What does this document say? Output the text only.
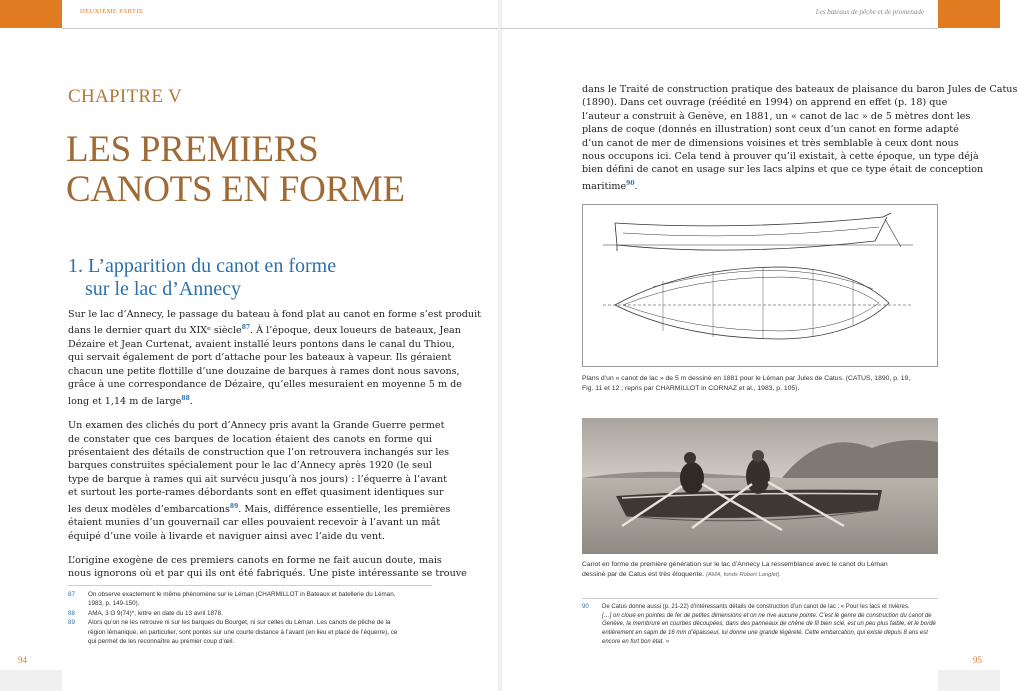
DEUXIÈME PARTIE
CHAPITRE V
LES PREMIERS
CANOTS EN FORME
1. L’apparition du canot en forme
sur le lac d’Annecy

Sur le lac d’Annecy, le passage du bateau à fond plat au canot en forme s’est produit
dans le dernier quart du XIXᵉ siècle$^{87}$. À l’époque, deux loueurs de bateaux, Jean
Dézaire et Jean Curtenat, avaient installé leurs pontons dans le canal du Thiou,
qui servait également de port d’attache pour les bateaux à vapeur. Ils géraient
chacun une petite flottille d’une douzaine de barques à rames dont nous savons,
grâce à une correspondance de Dézaire, qu’elles mesuraient en moyenne 5 m de
long et 1,14 m de large$^{88}$.

Un examen des clichés du port d’Annecy pris avant la Grande Guerre permet
de constater que ces barques de location étaient des canots en forme qui
présentaient des détails de construction que l’on retrouvera inchangés sur les
barques construites spécialement pour le lac d’Annecy après 1920 (le seul
type de barque à rames qui ait survécu jusqu’à nos jours) : l’équerre à l’avant
et surtout les porte-rames débordants sont en effet quasiment identiques sur
les deux modèles d’embarcations$^{89}$. Mais, différence essentielle, les premières
étaient munies d’un gouvernail car elles pouvaient recevoir à l’avant un mât
équipé d’une voile à livarde et naviguer ainsi avec l’aide du vent.

L’origine exogène de ces premiers canots en forme ne fait aucun doute, mais
nous ignorons où et par qui ils ont été fabriqués. Une piste intéressante se trouve

87	On observe exactement le même phénomène sur le Léman (CHARMILLOT in Bateaux et batellerie du Léman,
1983, p. 149-150).
88	AMA, 3 O 9(74)*, lettre en date du 13 avril 1878.
89	Alors qu’on ne les retrouve ni sur les barques du Bourget, ni sur celles du Léman. Les canots de pêche de la
région lémanique, en particulier, sont pontés sur une courte distance à l’avant (en lieu et place de l’équerre), ce
qui permet de les reconnaître au premier coup d’œil.
94
Les bateaux de pêche et de promenade

dans le Traité de construction pratique des bateaux de plaisance du baron Jules de Catus
(1890). Dans cet ouvrage (réédité en 1994) on apprend en effet (p. 18) que
l’auteur a construit à Genève, en 1881, un « canot de lac » de 5 mètres dont les
plans de coque (donnés en illustration) sont ceux d’un canot en forme adapté
d’un canot de mer de dimensions voisines et très semblable à ceux dont nous
nous occupons ici. Cela tend à prouver qu’il existait, à cette époque, un type déjà
bien défini de canot en usage sur les lacs alpins et que ce type était de conception
maritime$^{90}$.

Plans d’un « canot de lac » de 5 m dessiné en 1881 pour le Léman par Jules de Catus. (CATUS, 1890, p. 19,
Fig. 11 et 12 ; repris par CHARMILLOT in CORNAZ et al., 1983, p. 105).
Canot en forme de première génération sur le lac d’Annecy La ressemblance avec le canot du Léman
dessiné par de Catus est très éloquente. (AMA, fonds Robert Langlet).
90	De Catus donne aussi (p. 21-22) d’intéressants détails de construction d’un canot de lac : « Pour les lacs et rivières.
[…] on cloue en pointes de fer de petites dimensions et on ne rive aucune pointe. C’est le genre de construction du canot de
Genève, la membrure en courbes découpées, dans des panneaux de chêne de fil bien scié, est un peu plus faible, et le bordé
entièrement en sapin de 16 mm d’épaisseur, lui donne une grande légèreté. Cette embarcation, qui existe depuis 8 ans est
encore en fort bon état. »
95
